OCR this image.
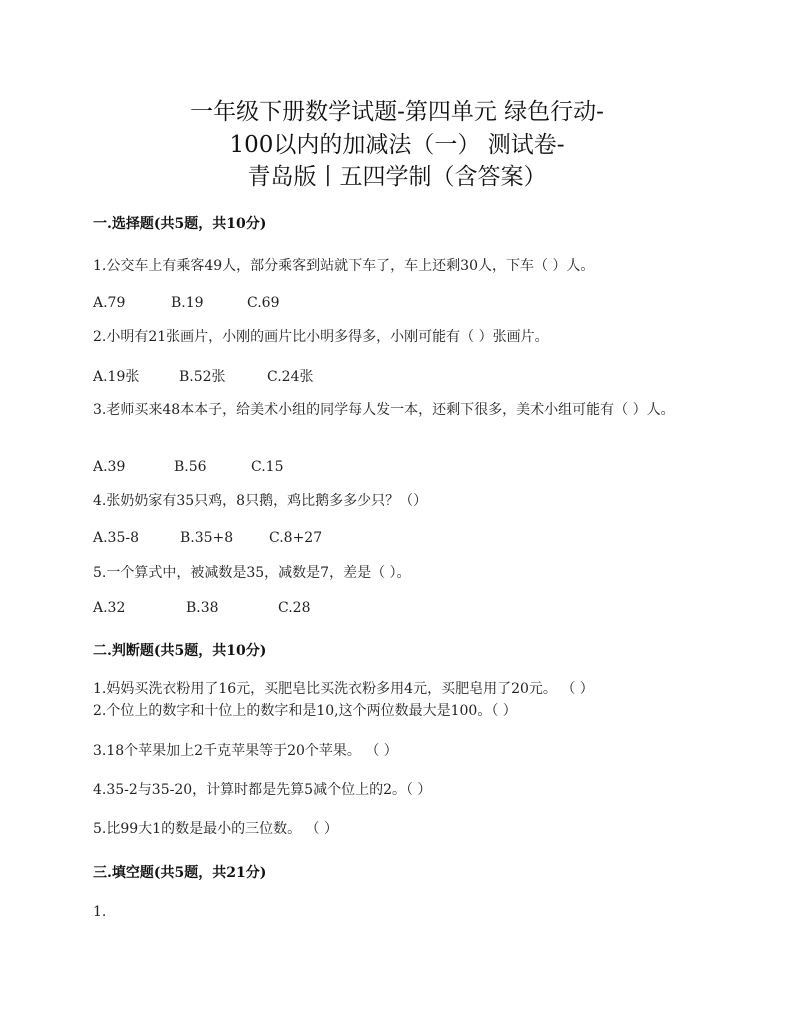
一年级下册数学试题-第四单元 绿色行动-
100以内的加减法（一） 测试卷-
青岛版丨五四学制（含答案）
一.选择题(共5题，共10分)
1.公交车上有乘客49人，部分乘客到站就下车了，车上还剩30人，下车（ ）人。
A.79	B.19	C.69
2.小明有21张画片，小刚的画片比小明多得多，小刚可能有（ ）张画片。
A.19张	B.52张	C.24张
3.老师买来48本本子，给美术小组的同学每人发一本，还剩下很多，美术小组可能有（ ）人。
A.39	B.56	C.15
4.张奶奶家有35只鸡，8只鹅，鸡比鹅多多少只？（）
A.35-8	B.35+8	C.8+27
5.一个算式中，被减数是35，减数是7，差是（ ）。
A.32	B.38	C.28
二.判断题(共5题，共10分)
1.妈妈买洗衣粉用了16元，买肥皂比买洗衣粉多用4元，买肥皂用了20元。 （ ）
2.个位上的数字和十位上的数字和是10,这个两位数最大是100。（ ）
3.18个苹果加上2千克苹果等于20个苹果。 （ ）
4.35-2与35-20，计算时都是先算5减个位上的2。（ ）
5.比99大1的数是最小的三位数。 （ ）
三.填空题(共5题，共21分)
1.
